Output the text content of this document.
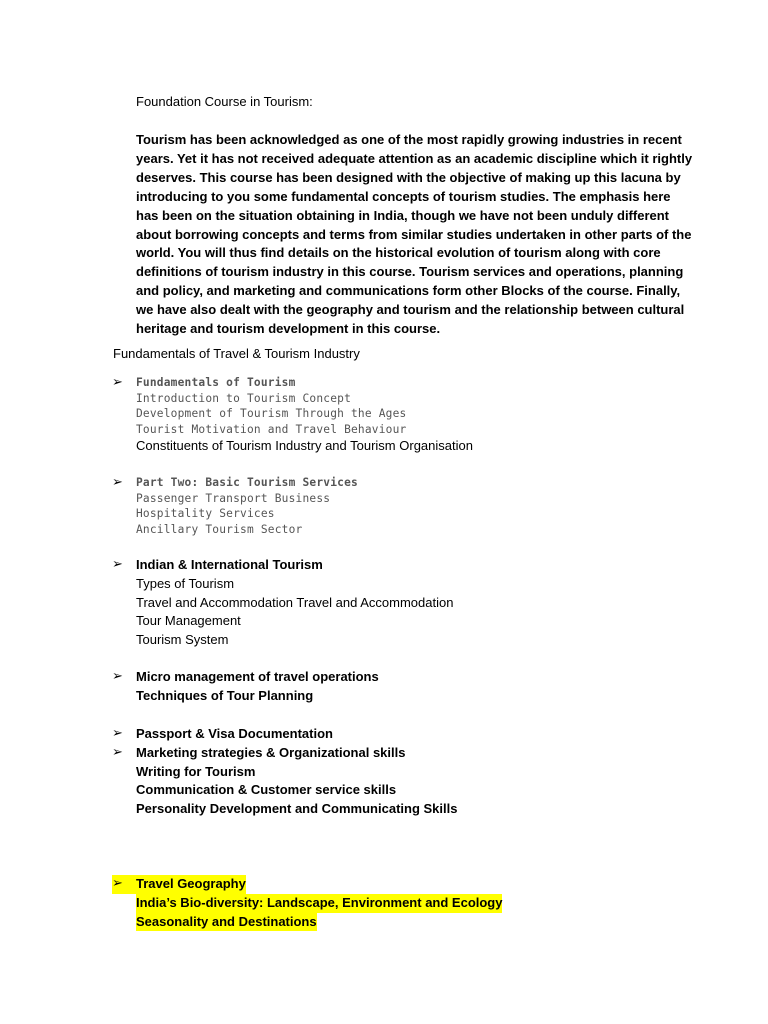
Foundation Course in Tourism:
Tourism has been acknowledged as one of the most rapidly growing industries in recent years. Yet it has not received adequate attention as an academic discipline which it rightly deserves. This course has been designed with the objective of making up this lacuna by introducing to you some fundamental concepts of tourism studies. The emphasis here has been on the situation obtaining in India, though we have not been unduly different about borrowing concepts and terms from similar studies undertaken in other parts of the world. You will thus find details on the historical evolution of tourism along with core definitions of tourism industry in this course. Tourism services and operations, planning and policy, and marketing and communications form other Blocks of the course. Finally, we have also dealt with the geography and tourism and the relationship between cultural heritage and tourism development in this course.
Fundamentals of Travel & Tourism Industry
➢ Fundamentals of Tourism
Introduction to Tourism Concept
Development of Tourism Through the Ages
Tourist Motivation and Travel Behaviour
Constituents of Tourism Industry and Tourism Organisation
➢ Part Two: Basic Tourism Services
Passenger Transport Business
Hospitality Services
Ancillary Tourism Sector
➢ Indian & International Tourism
Types of Tourism
Travel and Accommodation Travel and Accommodation
Tour Management
Tourism System
➢ Micro management of travel operations
Techniques of Tour Planning
➢ Passport & Visa Documentation
➢ Marketing strategies & Organizational skills
Writing for Tourism
Communication & Customer service skills
Personality Development and Communicating Skills
➢	Travel Geography
India’s Bio-diversity: Landscape, Environment and Ecology
Seasonality and Destinations
